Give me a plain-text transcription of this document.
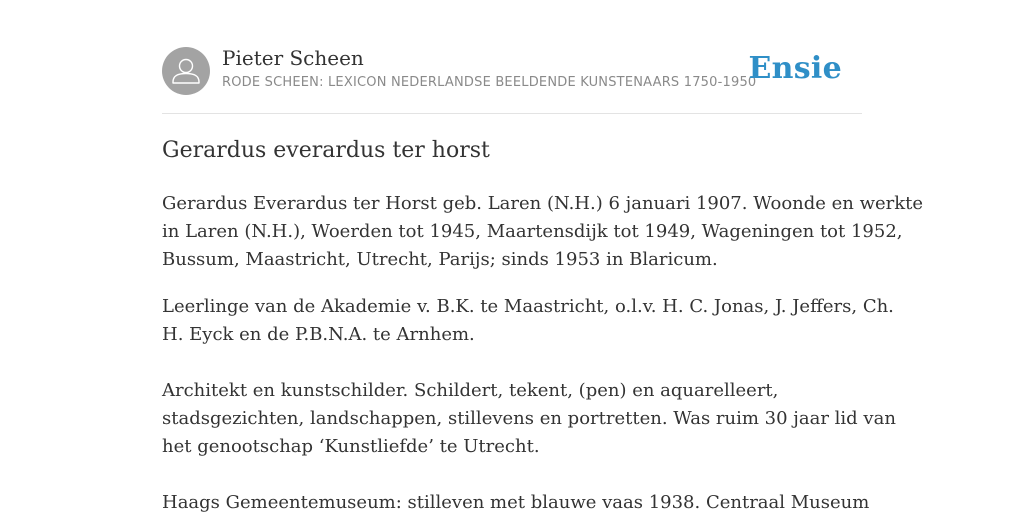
Pieter Scheen
RODE SCHEEN: LEXICON NEDERLANDSE BEELDENDE KUNSTENAARS 1750-1950
Ensie
Gerardus everardus ter horst

Gerardus Everardus ter Horst geb. Laren (N.H.) 6 januari 1907. Woonde en werkte
in Laren (N.H.), Woerden tot 1945, Maartensdijk tot 1949, Wageningen tot 1952,
Bussum, Maastricht, Utrecht, Parijs; sinds 1953 in Blaricum.

Leerlinge van de Akademie v. B.K. te Maastricht, o.l.v. H. C. Jonas, J. Jeffers, Ch.
H. Eyck en de P.B.N.A. te Arnhem.

Architekt en kunstschilder. Schildert, tekent, (pen) en aquarelleert,
stadsgezichten, landschappen, stillevens en portretten. Was ruim 30 jaar lid van
het genootschap ‘Kunstliefde’ te Utrecht.

Haags Gemeentemuseum: stilleven met blauwe vaas 1938. Centraal Museum
